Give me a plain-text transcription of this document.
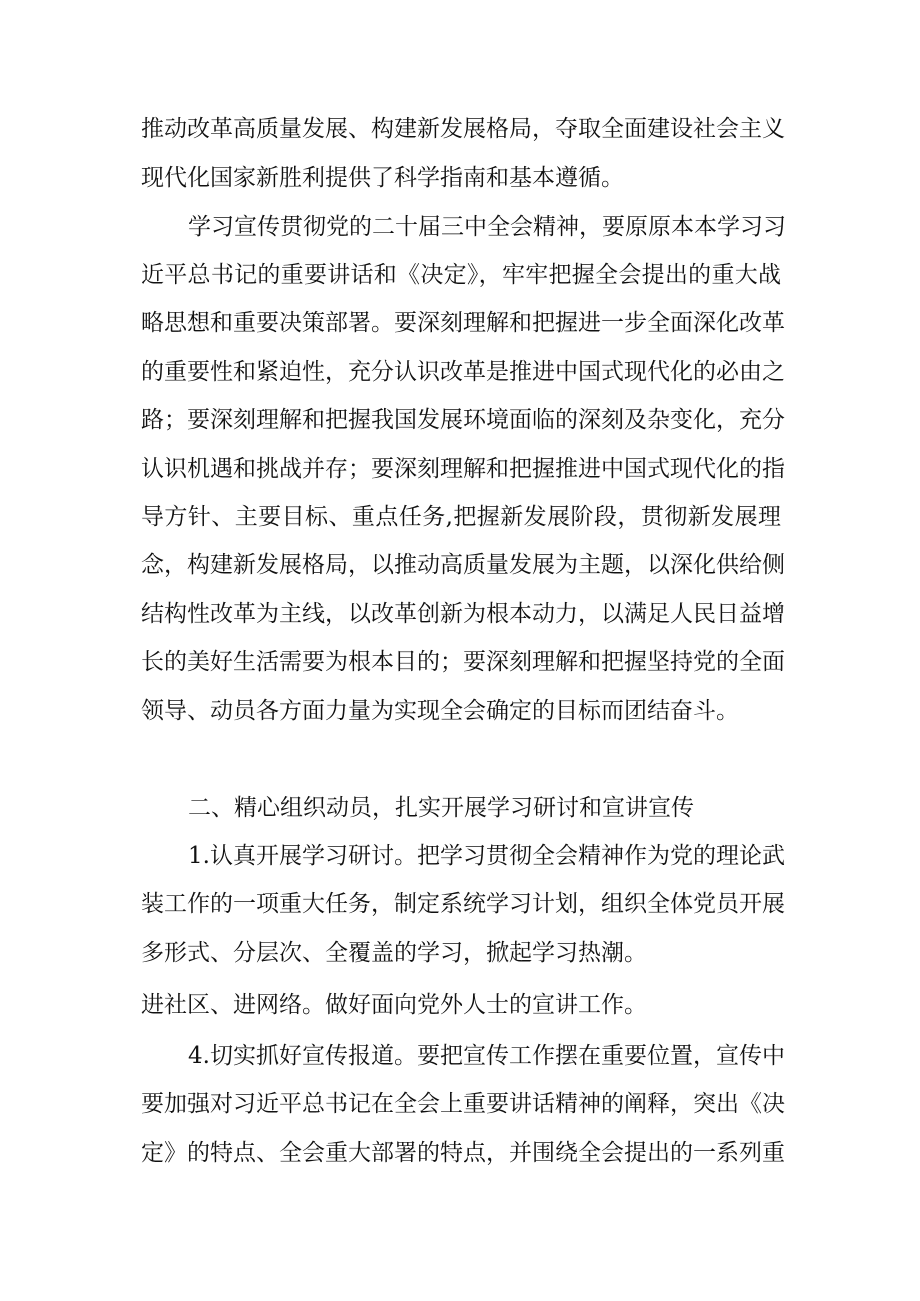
推动改革高质量发展、构建新发展格局，夺取全面建设社会主义
现代化国家新胜利提供了科学指南和基本遵循。
学习宣传贯彻党的二十届三中全会精神，要原原本本学习习
近平总书记的重要讲话和《决定》，牢牢把握全会提出的重大战
略思想和重要决策部署。要深刻理解和把握进一步全面深化改革
的重要性和紧迫性，充分认识改革是推进中国式现代化的必由之
路；要深刻理解和把握我国发展环境面临的深刻及杂变化，充分
认识机遇和挑战并存；要深刻理解和把握推进中国式现代化的指
导方针、主要目标、重点任务,把握新发展阶段，贯彻新发展理
念，构建新发展格局，以推动高质量发展为主题，以深化供给侧
结构性改革为主线，以改革创新为根本动力，以满足人民日益增
长的美好生活需要为根本目的；要深刻理解和把握坚持党的全面
领导、动员各方面力量为实现全会确定的目标而团结奋斗。
二、精心组织动员，扎实开展学习研讨和宣讲宣传
1.认真开展学习研讨。把学习贯彻全会精神作为党的理论武
装工作的一项重大任务，制定系统学习计划，组织全体党员开展
多形式、分层次、全覆盖的学习，掀起学习热潮。
进社区、进网络。做好面向党外人士的宣讲工作。
4.切实抓好宣传报道。要把宣传工作摆在重要位置，宣传中
要加强对习近平总书记在全会上重要讲话精神的阐释，突出《决
定》的特点、全会重大部署的特点，并围绕全会提出的一系列重
